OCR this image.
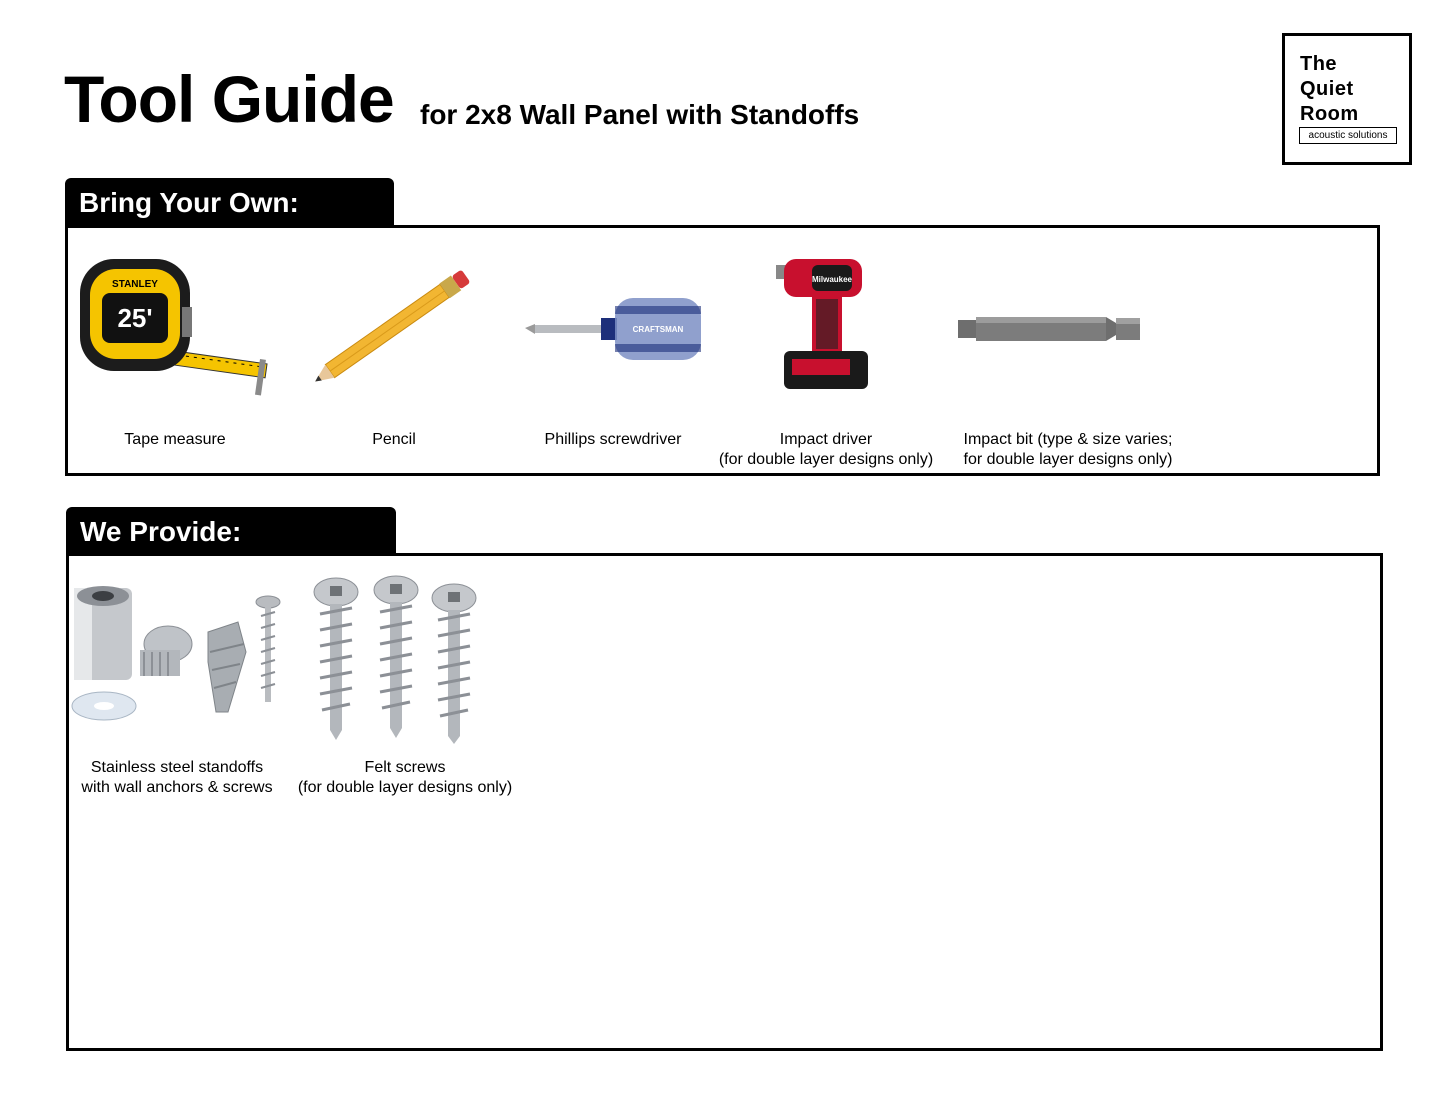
Tool Guide for 2x8 Wall Panel with Standoffs
The
Quiet
Room
acoustic solutions
Bring Your Own:
STANLEY
25'
Tape measure	Pencil
CRAFTSMAN
Phillips screwdriver
Milwaukee
Impact driver
(for double layer designs only)
Impact bit (type & size varies;
for double layer designs only)
We Provide:
Stainless steel standoffs
with wall anchors & screws
Felt screws
(for double layer designs only)
